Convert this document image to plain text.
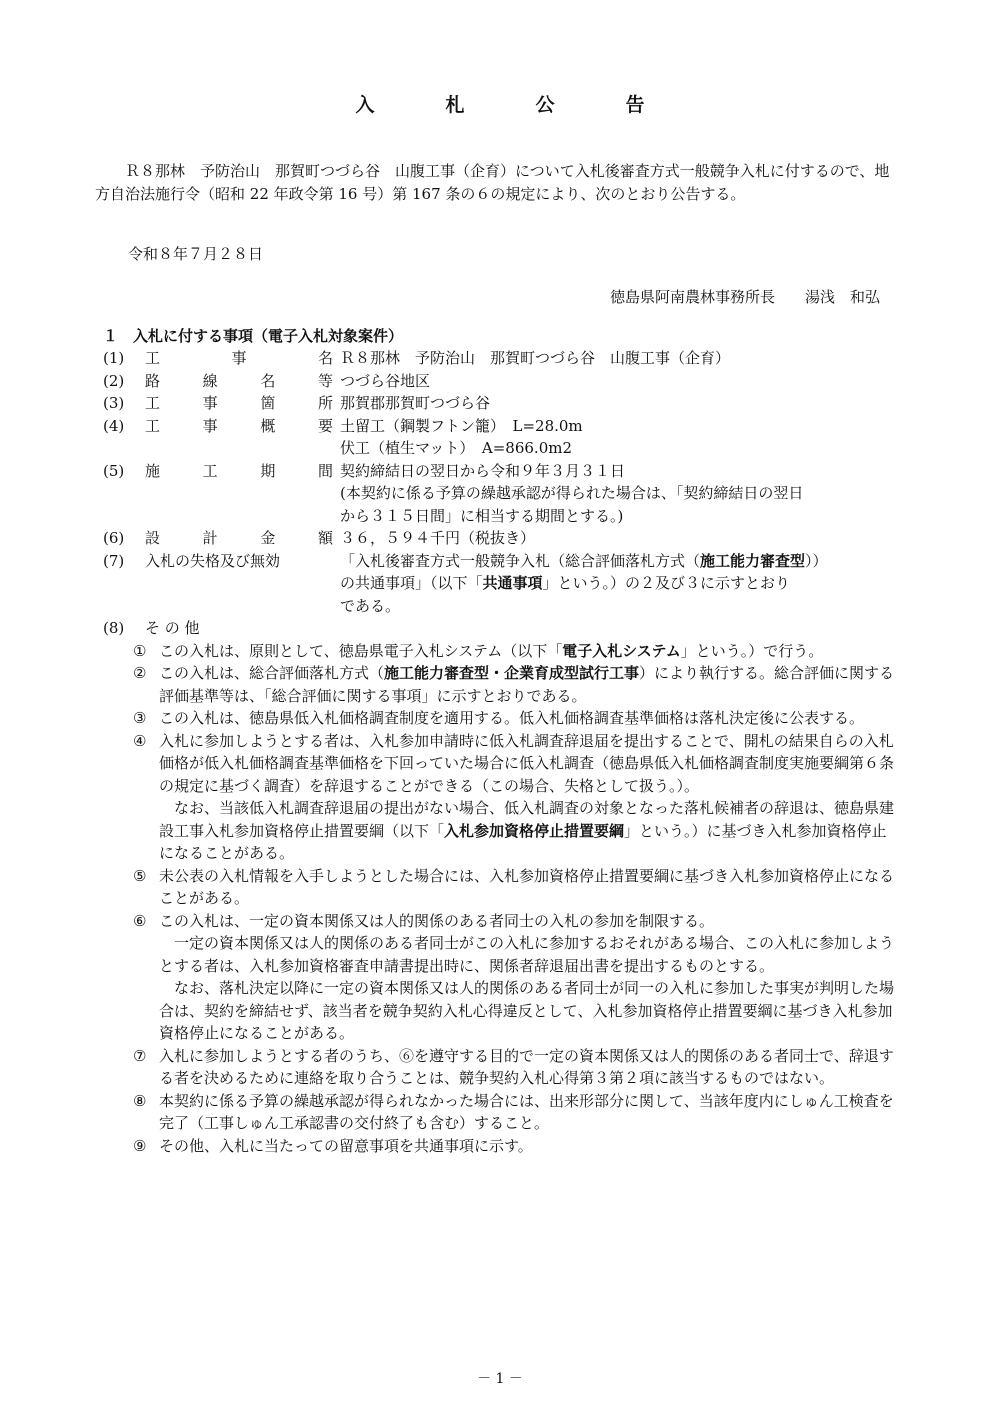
入　札　公　告
Ｒ８那林　予防治山　那賀町つづら谷　山腹工事（企育）について入札後審査方式一般競争入札に付するので、地方自治法施行令（昭和 22 年政令第 16 号）第 167 条の６の規定により、次のとおり公告する。
令和８年７月２８日
徳島県阿南農林事務所長　　湯浅　和弘
１　入札に付する事項（電子入札対象案件）
(1)	工	事	名 Ｒ８那林　予防治山　那賀町つづら谷　山腹工事（企育）
(2)	路	線	名	等 つづら谷地区
(3)	工	事	箇	所 那賀郡那賀町つづら谷
(4)	工	事	概	要 土留工（鋼製フトン籠）　L=28.0m
伏工（植生マット）　A=866.0m2
(5)	施	工	期	間 契約締結日の翌日から令和９年３月３１日
(本契約に係る予算の繰越承認が得られた場合は、「契約締結日の翌日
から３１５日間」に相当する期間とする。)
(6)	設	計	金	額 ３６，５９４千円（税抜き）
(7)	入札の失格及び無効	「入札後審査方式一般競争入札（総合評価落札方式（施工能力審査型））
の共通事項」（以下「共通事項」という。）の２及び３に示すとおり
である。
(8)	そ の 他
① この入札は、原則として、徳島県電子入札システム（以下「電子入札システム」という。）で行う。
② この入札は、総合評価落札方式（施工能力審査型・企業育成型試行工事）により執行する。総合評価に関する評価基準等は、「総合評価に関する事項」に示すとおりである。
③ この入札は、徳島県低入札価格調査制度を適用する。低入札価格調査基準価格は落札決定後に公表する。
④ 入札に参加しようとする者は、入札参加申請時に低入札調査辞退届を提出することで、開札の結果自らの入札価格が低入札価格調査基準価格を下回っていた場合に低入札調査（徳島県低入札価格調査制度実施要綱第６条の規定に基づく調査）を辞退することができる（この場合、失格として扱う。）。
なお、当該低入札調査辞退届の提出がない場合、低入札調査の対象となった落札候補者の辞退は、徳島県建設工事入札参加資格停止措置要綱（以下「入札参加資格停止措置要綱」という。）に基づき入札参加資格停止になることがある。
⑤ 未公表の入札情報を入手しようとした場合には、入札参加資格停止措置要綱に基づき入札参加資格停止になることがある。
⑥ この入札は、一定の資本関係又は人的関係のある者同士の入札の参加を制限する。
一定の資本関係又は人的関係のある者同士がこの入札に参加するおそれがある場合、この入札に参加しようとする者は、入札参加資格審査申請書提出時に、関係者辞退届出書を提出するものとする。
なお、落札決定以降に一定の資本関係又は人的関係のある者同士が同一の入札に参加した事実が判明した場合は、契約を締結せず、該当者を競争契約入札心得違反として、入札参加資格停止措置要綱に基づき入札参加資格停止になることがある。
⑦ 入札に参加しようとする者のうち、⑥を遵守する目的で一定の資本関係又は人的関係のある者同士で、辞退する者を決めるために連絡を取り合うことは、競争契約入札心得第３第２項に該当するものではない。
⑧ 本契約に係る予算の繰越承認が得られなかった場合には、出来形部分に関して、当該年度内にしゅん工検査を完了（工事しゅん工承認書の交付終了も含む）すること。
⑨ その他、入札に当たっての留意事項を共通事項に示す。
－ 1 －
